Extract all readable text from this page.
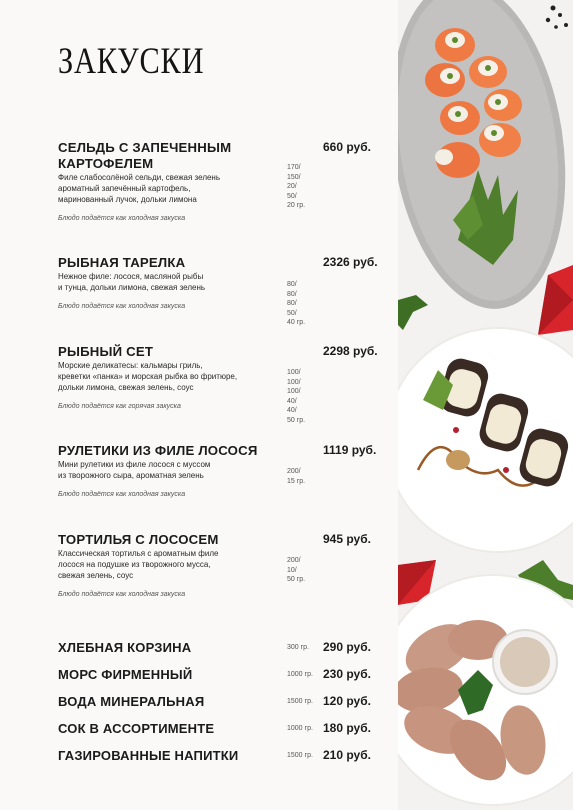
ЗАКУСКИ
СЕЛЬДЬ С ЗАПЕЧЕННЫМ КАРТОФЕЛЕМ
Филе слабосолёной сельди, свежая зелень
ароматный запечённый картофель,
маринованный лучок, дольки лимона
Блюдо подаётся как холодная закуска

170/
150/
20/
50/
20 гр.

660 руб.
РЫБНАЯ ТАРЕЛКА
Нежное филе: лосося, масляной рыбы
и тунца, дольки лимона, свежая зелень
Блюдо подаётся как холодная закуска

80/
80/
80/
50/
40 гр.

2326 руб.
РЫБНЫЙ СЕТ
Морские деликатесы: кальмары гриль,
креветки «панка» и морская рыбка во фритюре,
дольки лимона, свежая зелень, соус
Блюдо подаётся как горячая закуска

100/
100/
100/
40/
40/
50 гр.

2298 руб.
РУЛЕТИКИ ИЗ ФИЛЕ ЛОСОСЯ
Мини рулетики из филе лосося с муссом
из творожного сыра, ароматная зелень
Блюдо подаётся как холодная закуска

200/
15 гр.

1119 руб.
ТОРТИЛЬЯ С ЛОСОСЕМ
Классическая тортилья с ароматным филе
лосося на подушке из творожного мусса,
свежая зелень, соус
Блюдо подаётся как холодная закуска

200/
10/
50 гр.

945 руб.
ХЛЕБНАЯ КОРЗИНА	300 гр. 290 руб.
МОРС ФИРМЕННЫЙ	1000 гр. 230 руб.
ВОДА МИНЕРАЛЬНАЯ	1500 гр. 120 руб.
СОК В АССОРТИМЕНТЕ	1000 гр. 180 руб.
ГАЗИРОВАННЫЕ НАПИТКИ	1500 гр. 210 руб.
